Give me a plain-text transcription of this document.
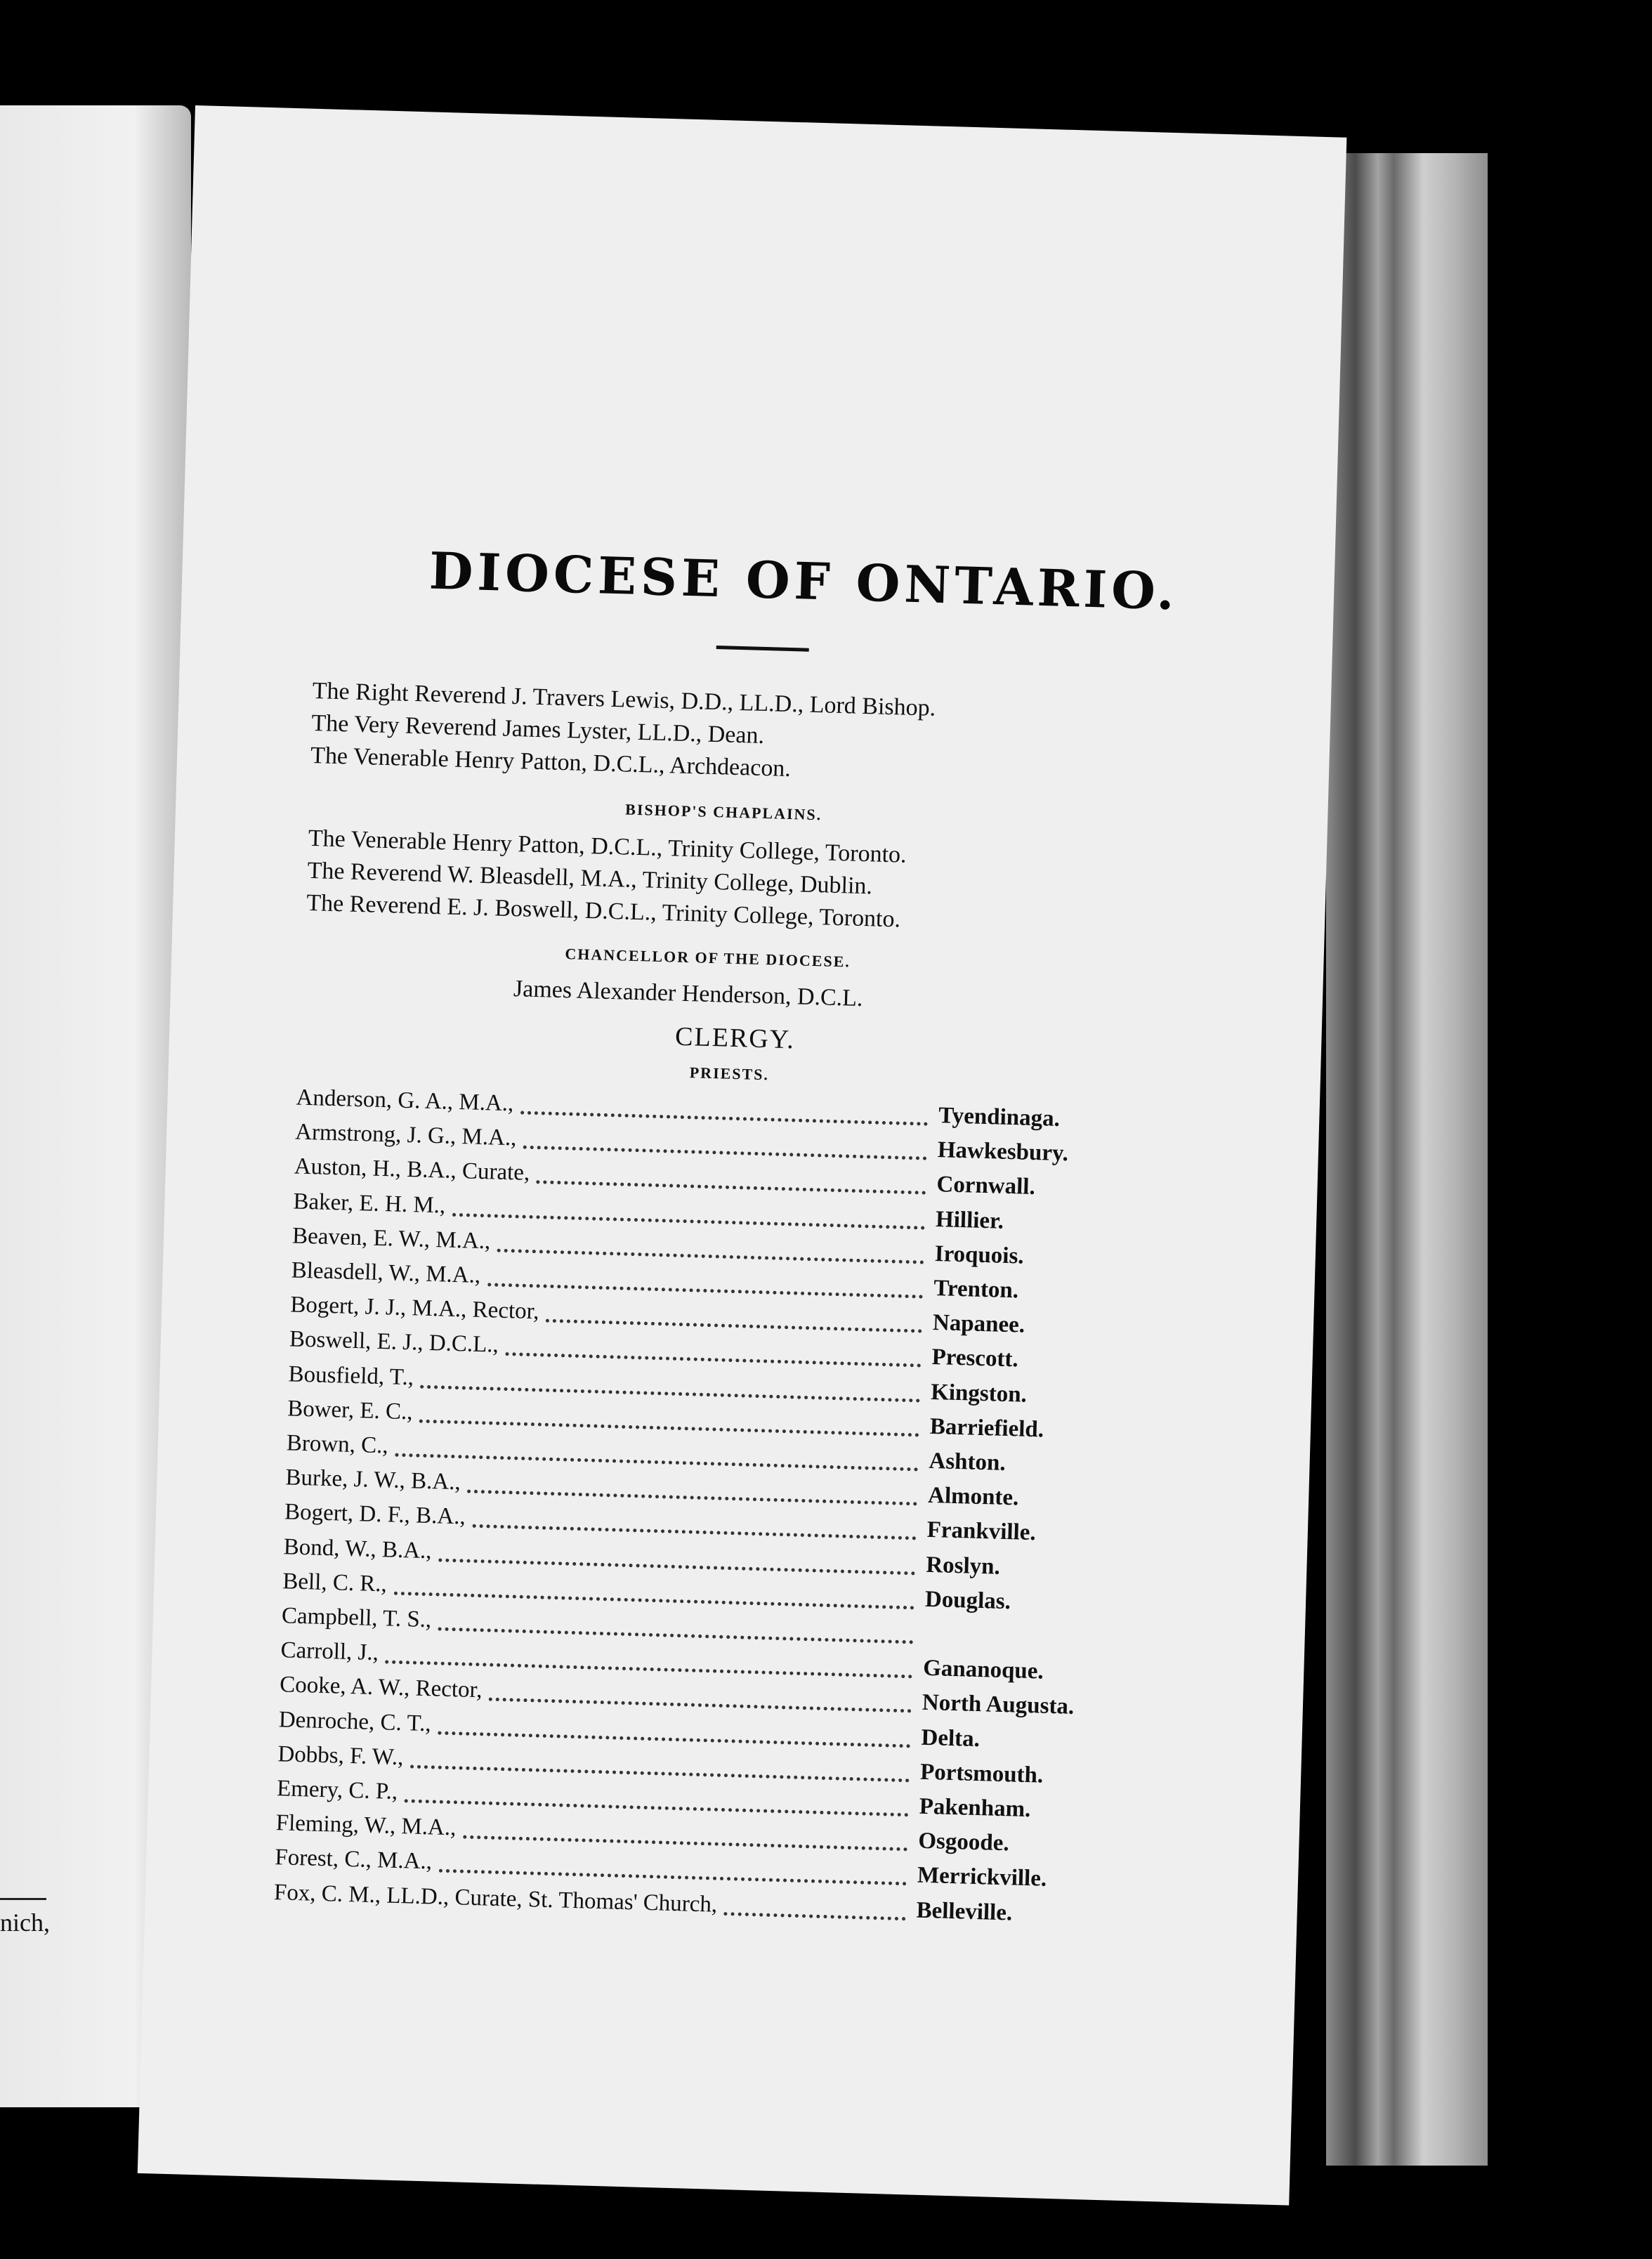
nich,
DIOCESE OF ONTARIO.
The Right Reverend J. Travers Lewis, D.D., LL.D., Lord Bishop.
The Very Reverend James Lyster, LL.D., Dean.
The Venerable Henry Patton, D.C.L., Archdeacon.
BISHOP'S CHAPLAINS.
The Venerable Henry Patton, D.C.L., Trinity College, Toronto.
The Reverend W. Bleasdell, M.A., Trinity College, Dublin.
The Reverend E. J. Boswell, D.C.L., Trinity College, Toronto.
CHANCELLOR OF THE DIOCESE.
James Alexander Henderson, D.C.L.
CLERGY.
PRIESTS.
Anderson, G. A., M.A.,
Tyendinaga.
Armstrong, J. G., M.A.,
Hawkesbury.
Auston, H., B.A., Curate,
Cornwall.
Baker, E. H. M.,
Hillier.
Beaven, E. W., M.A.,
Iroquois.
Bleasdell, W., M.A.,
Trenton.
Bogert, J. J., M.A., Rector,	Napanee.
Boswell, E. J., D.C.L.,
Prescott.
Bousfield, T.,
Kingston.
Bower, E. C.,
Barriefield.
Brown, C.,
Ashton.
Burke, J. W., B.A.,
Almonte.
Bogert, D. F., B.A.,
Frankville.
Bond, W., B.A.,
Roslyn.
Bell, C. R.,
Douglas.
Campbell, T. S.,
Carroll, J.,
Gananoque.
Cooke, A. W., Rector,
North Augusta.
Denroche, C. T.,
Delta.
Dobbs, F. W.,
Portsmouth.
Emery, C. P.,
Pakenham.
Fleming, W., M.A.,
Osgoode.
Forest, C., M.A.,
Merrickville.
Fox, C. M., LL.D., Curate, St. Thomas' Church,	Belleville.
